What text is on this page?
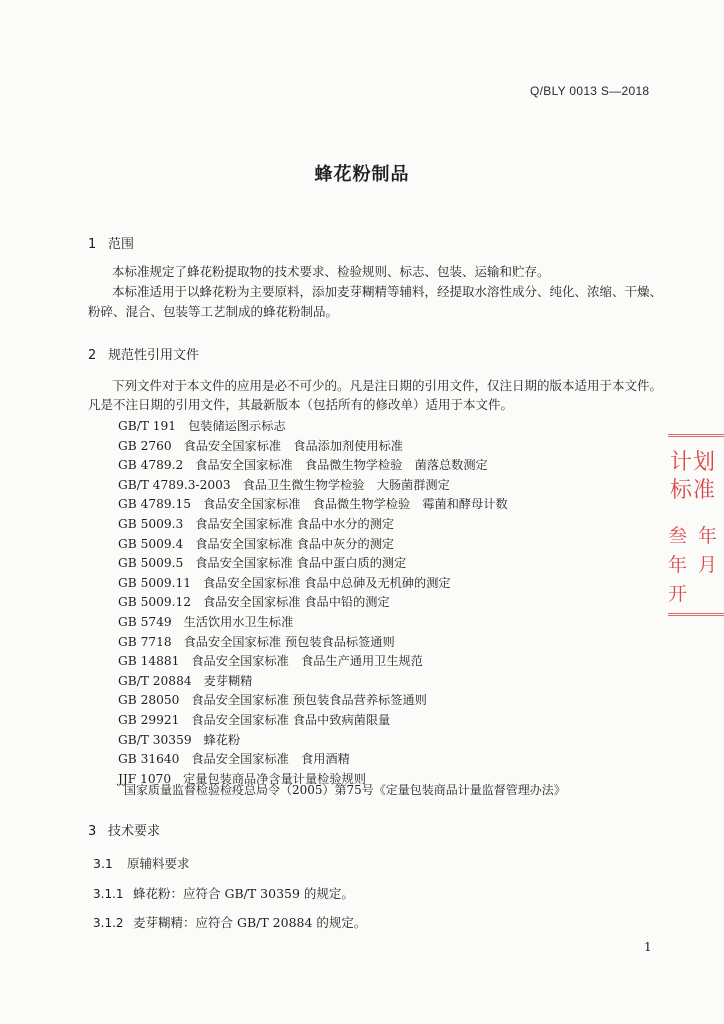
Q/BLY 0013 S—2018
蜂花粉制品
1 范围
本标准规定了蜂花粉提取物的技术要求、检验规则、标志、包装、运输和贮存。
本标准适用于以蜂花粉为主要原料，添加麦芽糊精等辅料，经提取水溶性成分、纯化、浓缩、干燥、
粉碎、混合、包装等工艺制成的蜂花粉制品。
2 规范性引用文件
下列文件对于本文件的应用是必不可少的。凡是注日期的引用文件，仅注日期的版本适用于本文件。
凡是不注日期的引用文件，其最新版本（包括所有的修改单）适用于本文件。
GB/T 191 包装储运图示标志
GB 2760 食品安全国家标准　食品添加剂使用标准
GB 4789.2 食品安全国家标准　食品微生物学检验　菌落总数测定
GB/T 4789.3-2003 食品卫生微生物学检验　大肠菌群测定
GB 4789.15 食品安全国家标准　食品微生物学检验　霉菌和酵母计数
GB 5009.3 食品安全国家标准 食品中水分的测定
GB 5009.4 食品安全国家标准 食品中灰分的测定
GB 5009.5 食品安全国家标准 食品中蛋白质的测定
GB 5009.11 食品安全国家标准 食品中总砷及无机砷的测定
GB 5009.12 食品安全国家标准 食品中铅的测定
GB 5749 生活饮用水卫生标准
GB 7718 食品安全国家标准 预包装食品标签通则
GB 14881 食品安全国家标准　食品生产通用卫生规范
GB/T 20884 麦芽糊精
GB 28050 食品安全国家标准 预包装食品营养标签通则
GB 29921 食品安全国家标准 食品中致病菌限量
GB/T 30359 蜂花粉
GB 31640 食品安全国家标准　食用酒精
JJF 1070 定量包装商品净含量计量检验规则
国家质量监督检验检疫总局令（2005）第75号《定量包装商品计量监督管理办法》
3 技术要求
3.1 原辅料要求
3.1.1 蜂花粉：应符合 GB/T 30359 的规定。
3.1.2 麦芽糊精：应符合 GB/T 20884 的规定。
计划
标准
叁 年
年 月
开
1
